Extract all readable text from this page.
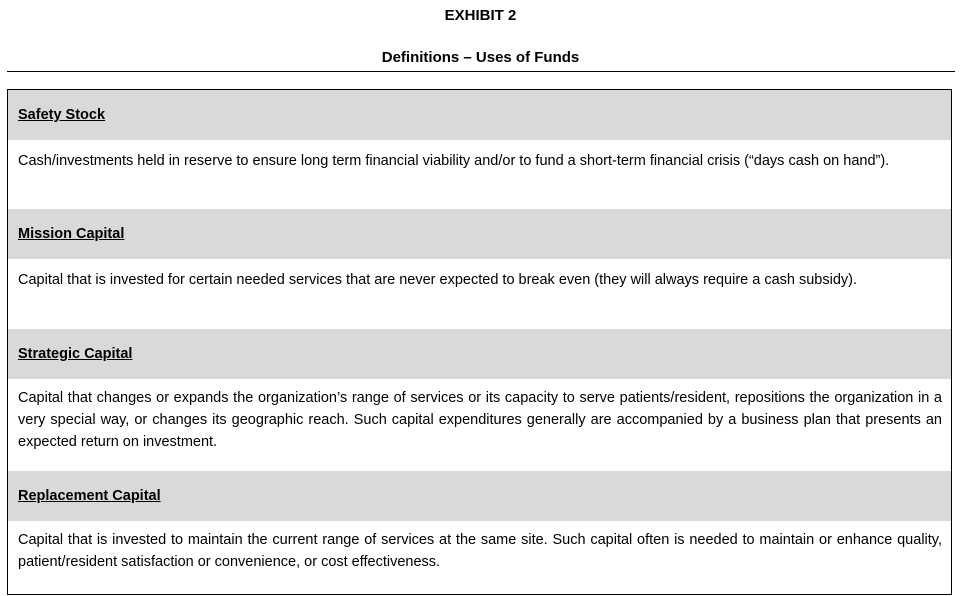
EXHIBIT 2
Definitions – Uses of Funds
Safety Stock

Cash/investments held in reserve to ensure long term financial viability and/or to fund a short-term financial crisis (“days cash on hand”).

Mission Capital

Capital that is invested for certain needed services that are never expected to break even (they will always require a cash subsidy).

Strategic Capital

Capital that changes or expands the organization’s range of services or its capacity to serve patients/resident, repositions the organization in a very special way, or changes its geographic reach. Such capital expenditures generally are accompanied by a business plan that presents an expected return on investment.

Replacement Capital

Capital that is invested to maintain the current range of services at the same site. Such capital often is needed to maintain or enhance quality, patient/resident satisfaction or convenience, or cost effectiveness.
